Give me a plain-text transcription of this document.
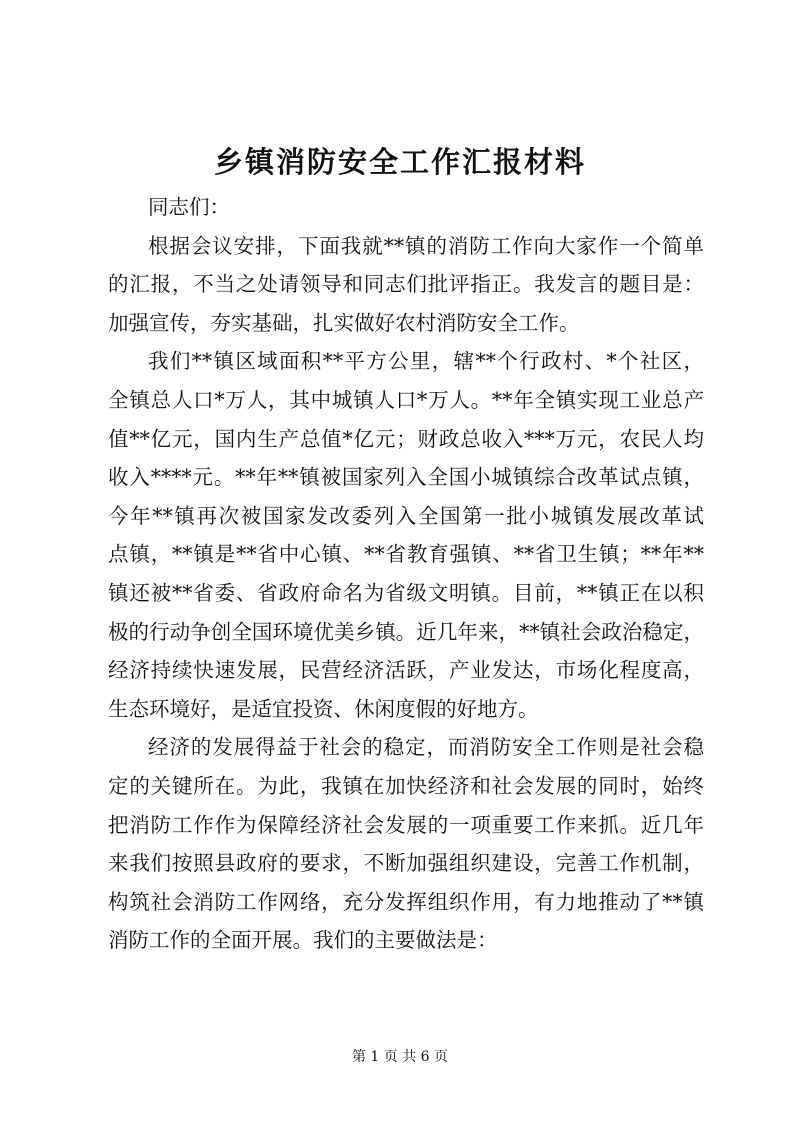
乡镇消防安全工作汇报材料
同志们：
根据会议安排，下面我就**镇的消防工作向大家作一个简单
的汇报，不当之处请领导和同志们批评指正。我发言的题目是：
加强宣传，夯实基础，扎实做好农村消防安全工作。
我们**镇区域面积**平方公里，辖**个行政村、*个社区，
全镇总人口*万人，其中城镇人口*万人。**年全镇实现工业总产
值**亿元，国内生产总值*亿元；财政总收入***万元，农民人均
收入****元。**年**镇被国家列入全国小城镇综合改革试点镇，
今年**镇再次被国家发改委列入全国第一批小城镇发展改革试
点镇，**镇是**省中心镇、**省教育强镇、**省卫生镇；**年**
镇还被**省委、省政府命名为省级文明镇。目前，**镇正在以积
极的行动争创全国环境优美乡镇。近几年来，**镇社会政治稳定，
经济持续快速发展，民营经济活跃，产业发达，市场化程度高，
生态环境好，是适宜投资、休闲度假的好地方。
经济的发展得益于社会的稳定，而消防安全工作则是社会稳
定的关键所在。为此，我镇在加快经济和社会发展的同时，始终
把消防工作作为保障经济社会发展的一项重要工作来抓。近几年
来我们按照县政府的要求，不断加强组织建设，完善工作机制，
构筑社会消防工作网络，充分发挥组织作用，有力地推动了**镇
消防工作的全面开展。我们的主要做法是：
第 1 页 共 6 页
